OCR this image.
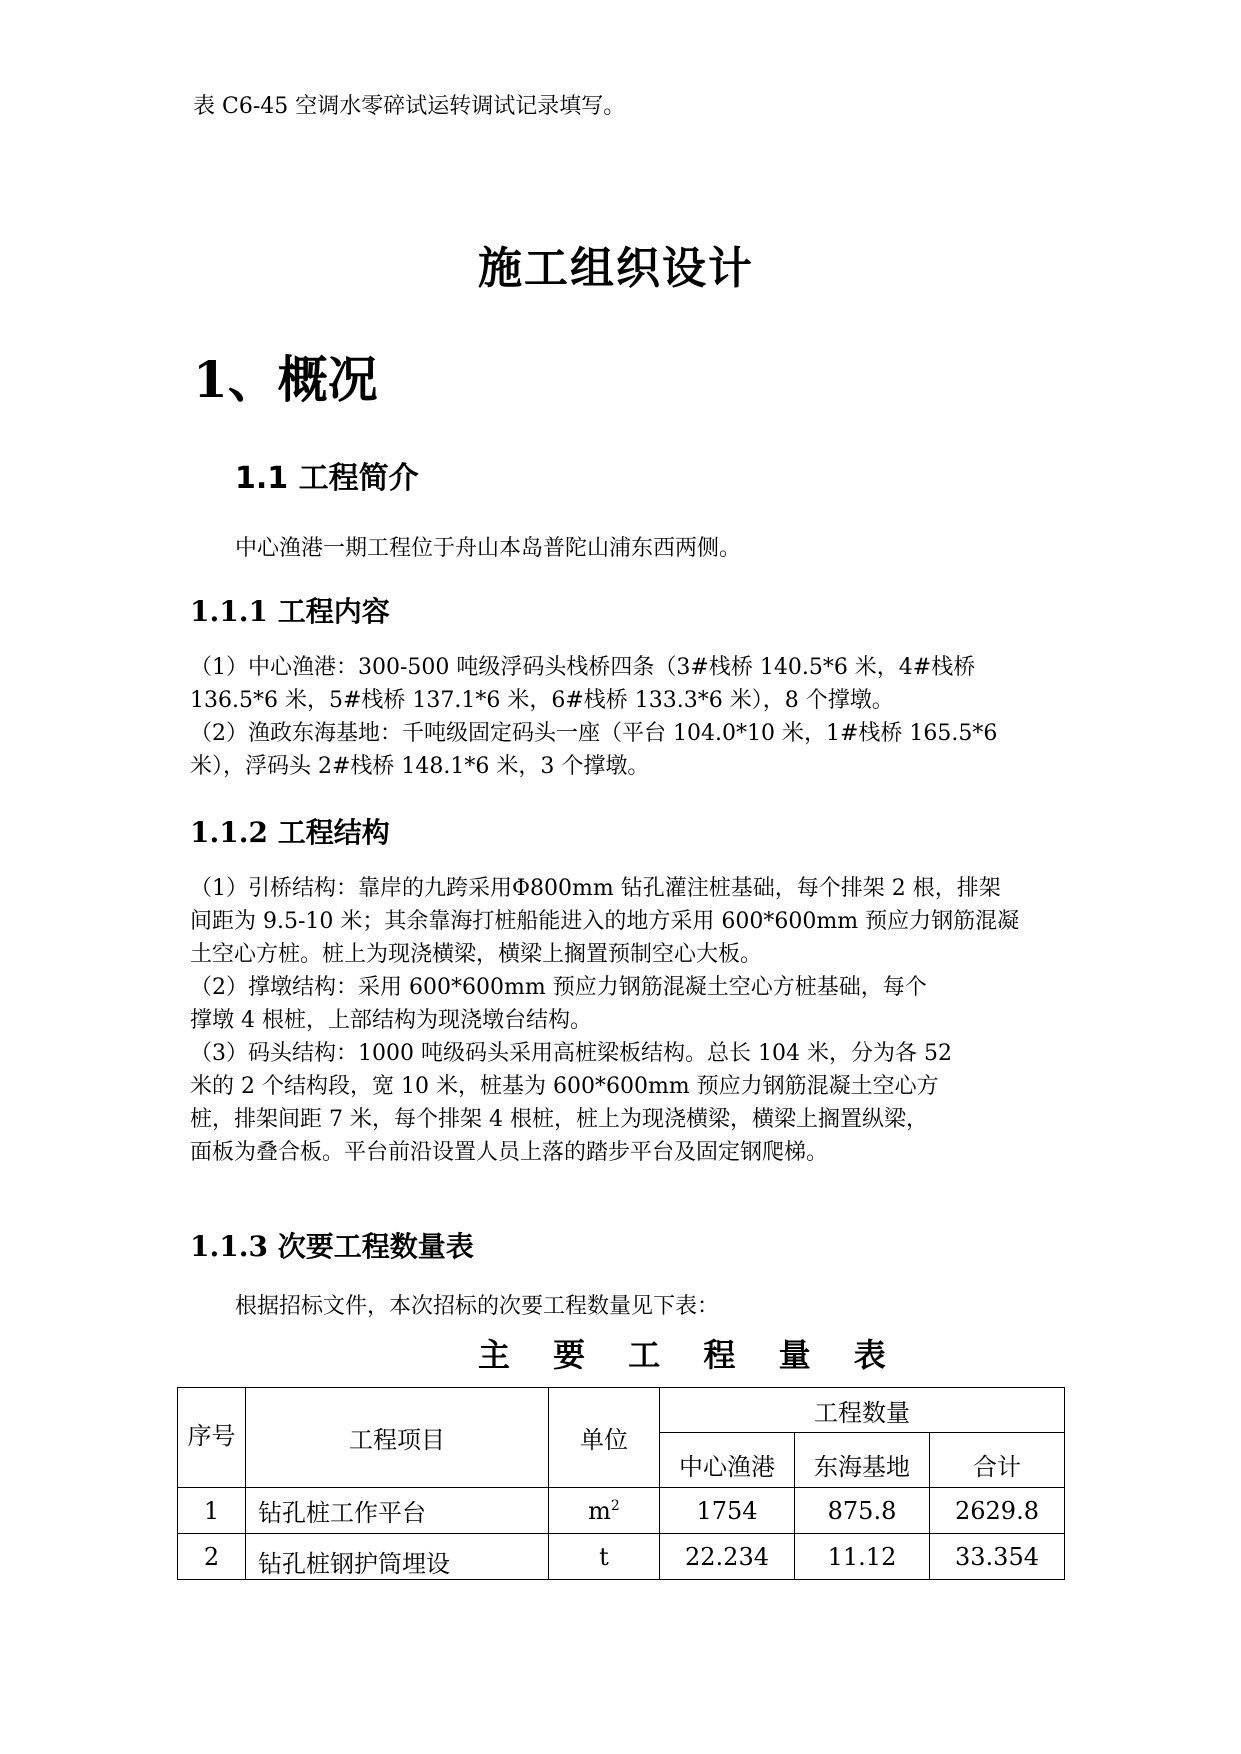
表 C6-45 空调水零碎试运转调试记录填写。
施工组织设计
1、概况
1.1 工程简介
中心渔港一期工程位于舟山本岛普陀山浦东西两侧。
1.1.1 工程内容
（1）中心渔港：300-500 吨级浮码头栈桥四条（3#栈桥 140.5*6 米，4#栈桥
136.5*6 米，5#栈桥 137.1*6 米，6#栈桥 133.3*6 米），8 个撑墩。
（2）渔政东海基地：千吨级固定码头一座（平台 104.0*10 米，1#栈桥 165.5*6
米），浮码头 2#栈桥 148.1*6 米，3 个撑墩。
1.1.2 工程结构
（1）引桥结构：靠岸的九跨采用Φ800mm 钻孔灌注桩基础，每个排架 2 根，排架
间距为 9.5-10 米；其余靠海打桩船能进入的地方采用 600*600mm 预应力钢筋混凝
土空心方桩。桩上为现浇横梁，横梁上搁置预制空心大板。
（2）撑墩结构：采用 600*600mm 预应力钢筋混凝土空心方桩基础，每个
撑墩 4 根桩，上部结构为现浇墩台结构。
（3）码头结构：1000 吨级码头采用高桩梁板结构。总长 104 米，分为各 52
米的 2 个结构段，宽 10 米，桩基为 600*600mm 预应力钢筋混凝土空心方
桩，排架间距 7 米，每个排架 4 根桩，桩上为现浇横梁，横梁上搁置纵梁，
面板为叠合板。平台前沿设置人员上落的踏步平台及固定钢爬梯。
1.1.3 次要工程数量表
根据招标文件，本次招标的次要工程数量见下表：
主 要 工 程 量 表
序号	工程项目	单位	工程数量		
			中心渔港	东海基地	合计
1	钻孔桩工作平台	$m^2$	1754	875.8	2629.8
2	钻孔桩钢护筒埋设	t	22.234	11.12	33.354
